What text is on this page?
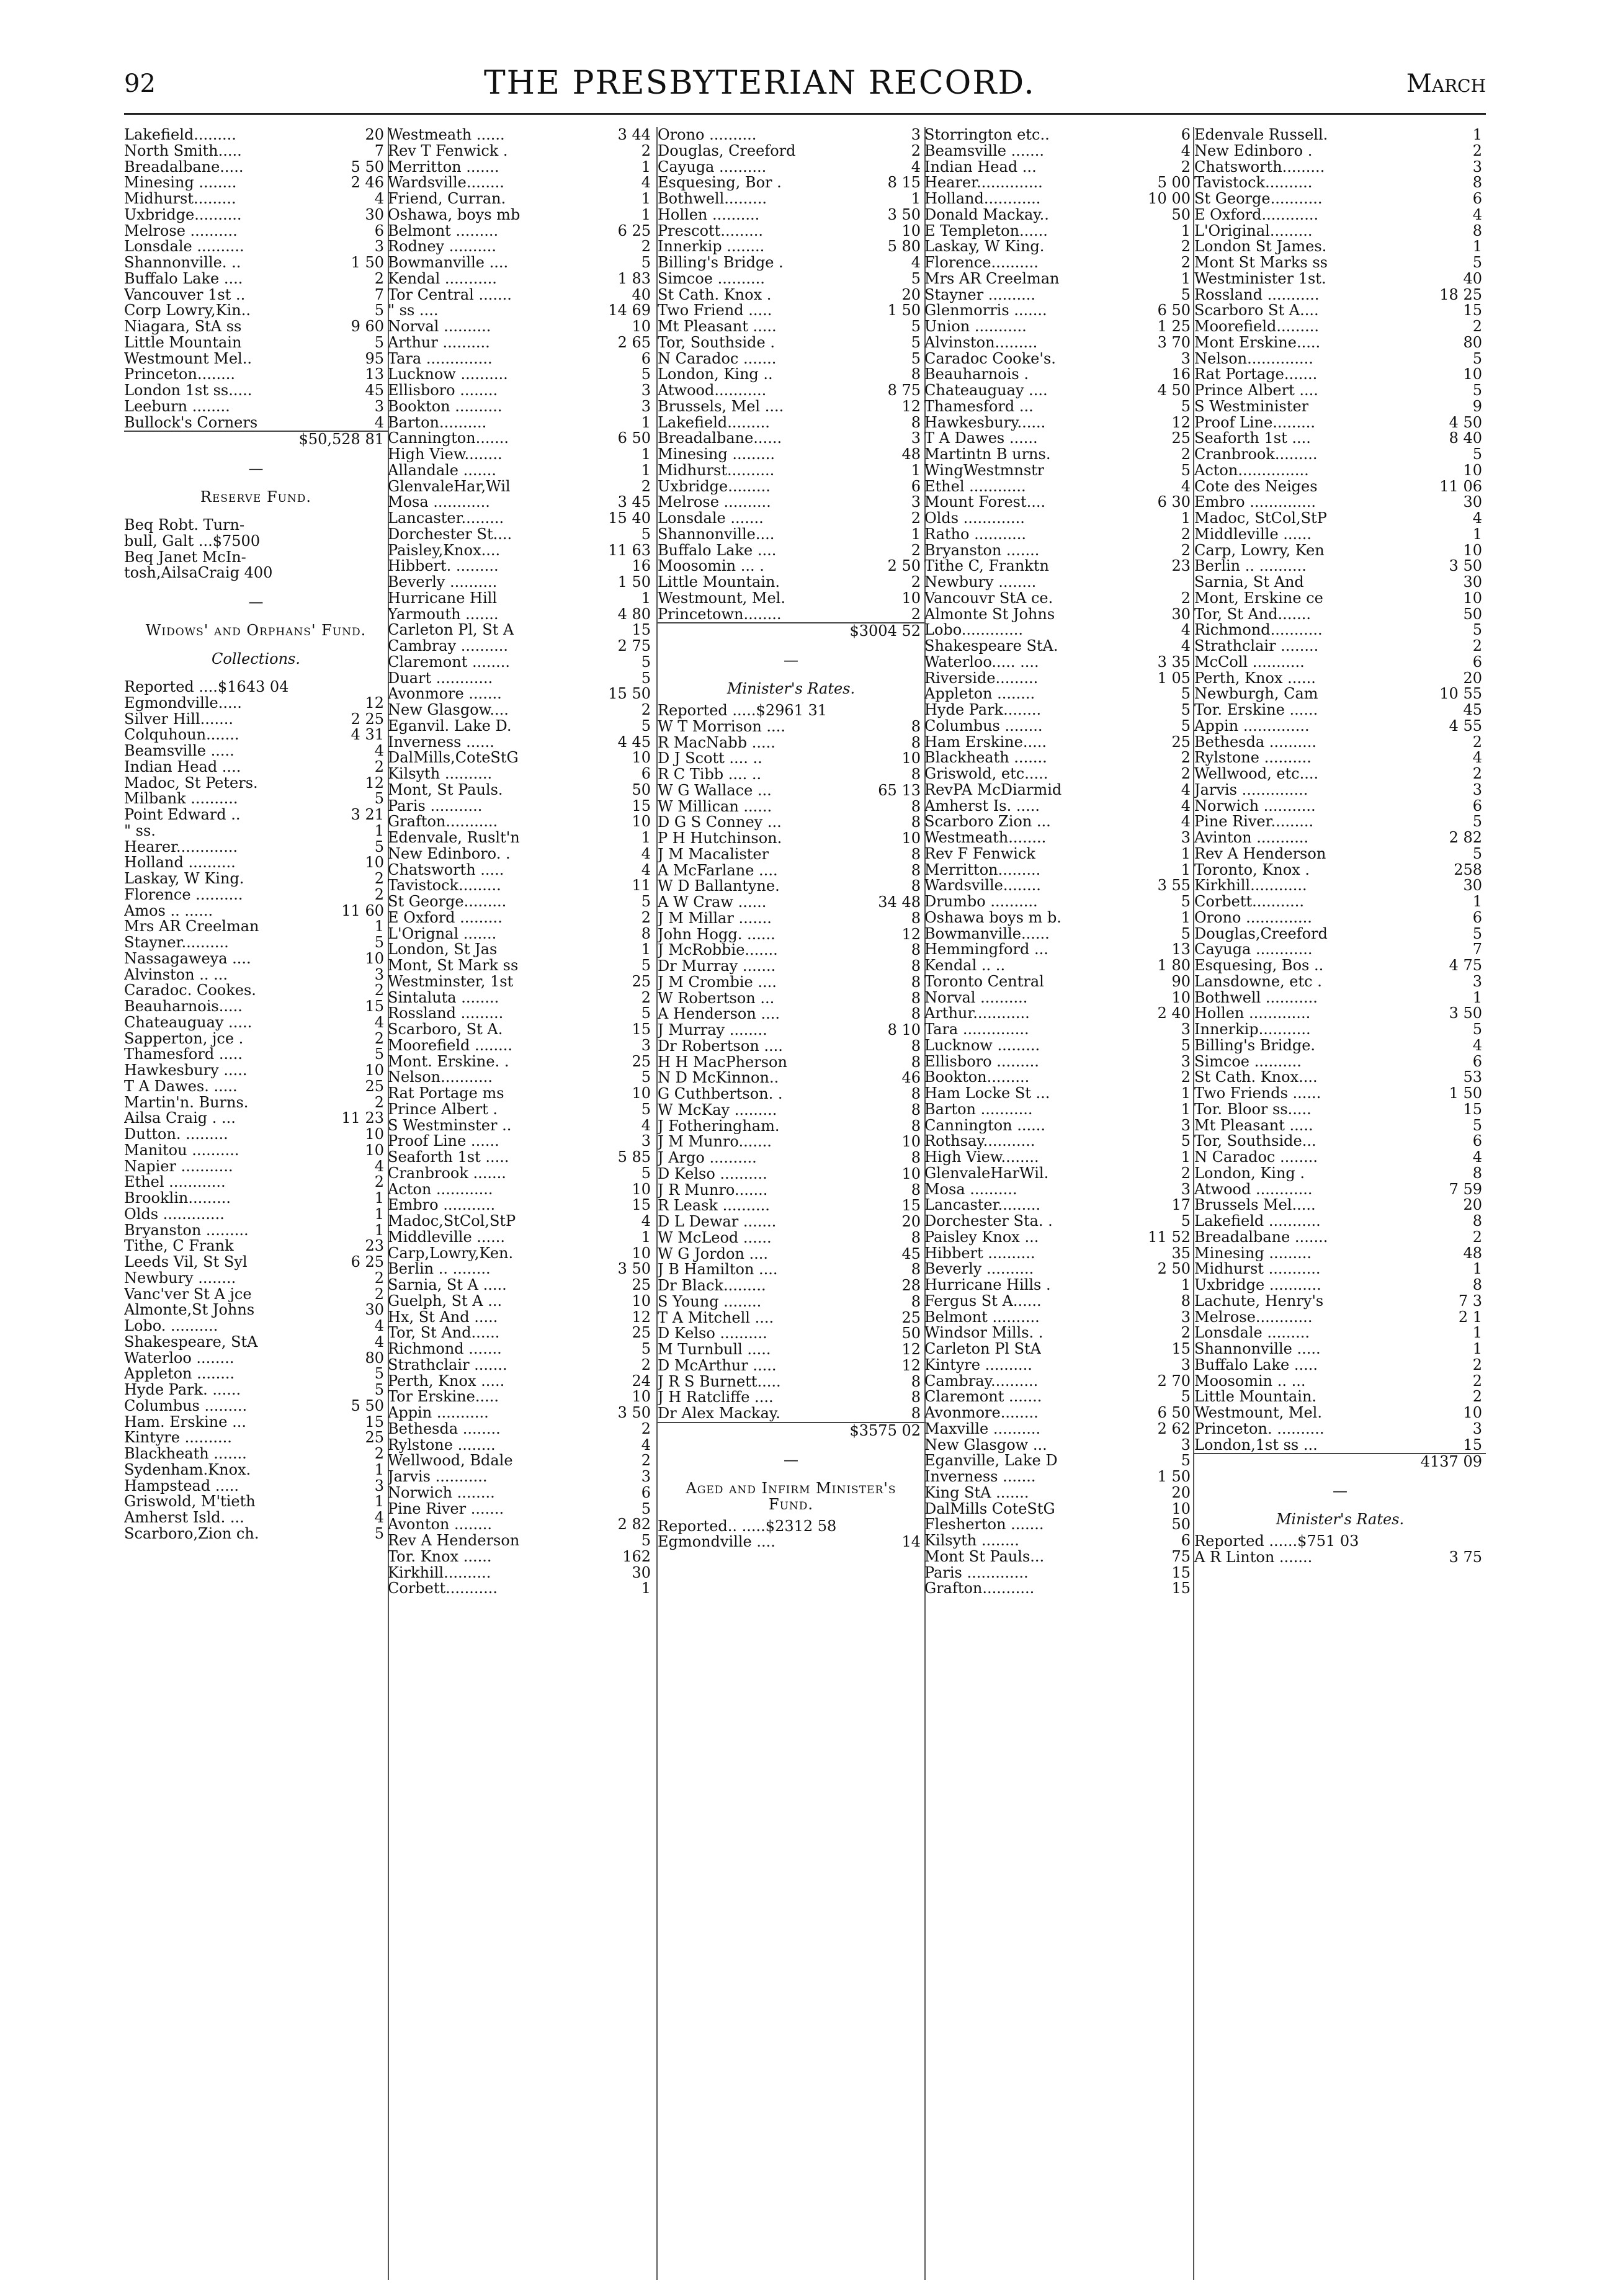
92	THE PRESBYTERIAN RECORD.	March
Lakefield.........	20
North Smith.....	7
Breadalbane.....	5 50
Minesing ........	2 46
Midhurst.........	4
Uxbridge..........	30
Melrose ..........	6
Lonsdale ..........	3
Shannonville. ..	1 50
Buffalo Lake ....	2
Vancouver 1st ..	7
Corp Lowry,Kin..	5
Niagara, StA ss	9 60
Little Mountain	5
Westmount Mel..	95
Princeton........	13
London 1st ss.....	45
Leeburn ........	3
Bullock's Corners	4
$50,528 81
—
Reserve Fund.
Beq Robt. Turn-
bull, Galt ...$7500
Beq Janet McIn-
tosh,AilsaCraig 400
—
Widows' and Orphans' Fund.
Collections.
Reported ....$1643 04
Egmondville.....	12
Silver Hill.......	2 25
Colquhoun.......	4 31
Beamsville .....	4
Indian Head ....	2
Madoc, St Peters.	12
Milbank ..........	5
Point Edward ..	3 21
" ss.	1
Hearer.............	5
Holland ..........	10
Laskay, W King.	2
Florence ..........	2
Amos .. ......	11 60
Mrs AR Creelman	1
Stayner..........	5
Nassagaweya ....	10
Alvinston .. ...	3
Caradoc. Cookes.	2
Beauharnois.....	15
Chateauguay .....	4
Sapperton, jce .	2
Thamesford .....	5
Hawkesbury .....	10
T A Dawes. .....	25
Martin'n. Burns.	2
Ailsa Craig . ...	11 23
Dutton. .........	10
Manitou ..........	10
Napier ...........	4
Ethel ............	2
Brooklin.........	1
Olds .............	1
Bryanston .........	1
Tithe, C Frank	23
Leeds Vil, St Syl	6 25
Newbury ........	2
Vanc'ver St A jce	2
Almonte,St Johns	30
Lobo. ..........	4
Shakespeare, StA	4
Waterloo ........	80
Appleton ........	5
Hyde Park. ......	5
Columbus .........	5 50
Ham. Erskine ...	15
Kintyre ..........	25
Blackheath .......	2
Sydenham.Knox.	1
Hampstead .....	3
Griswold, M'tieth	1
Amherst Isld. ...	4
Scarboro,Zion ch.	5
Westmeath ......	3 44
Rev T Fenwick .	2
Merritton .......	1
Wardsville........	4
Friend, Curran.	1
Oshawa, boys mb	1
Belmont .........	6 25
Rodney ..........	2
Bowmanville ....	5
Kendal ...........	1 83
Tor Central .......	40
" ss ....	14 69
Norval ..........	10
Arthur ..........	2 65
Tara ..............	6
Lucknow ..........	5
Ellisboro ........	3
Bookton ..........	3
Barton..........	1
Cannington.......	6 50
High View........	1
Allandale .......	1
GlenvaleHar,Wil	2
Mosa ............	3 45
Lancaster.........	15 40
Dorchester St....	5
Paisley,Knox....	11 63
Hibbert. .........	16
Beverly ..........	1 50
Hurricane Hill	1
Yarmouth .......	4 80
Carleton Pl, St A	15
Cambray ..........	2 75
Claremont ........	5
Duart ............	5
Avonmore .......	15 50
New Glasgow....	2
Eganvil. Lake D.	5
Inverness ......	4 45
DalMills,CoteStG	10
Kilsyth ..........	6
Mont, St Pauls.	50
Paris ...........	15
Grafton...........	10
Edenvale, Ruslt'n	1
New Edinboro. .	4
Chatsworth .....	4
Tavistock.........	11
St George.........	5
E Oxford .........	2
L'Orignal .......	8
London, St Jas	1
Mont, St Mark ss	5
Westminster, 1st	25
Sintaluta ........	2
Rossland .........	5
Scarboro, St A.	15
Moorefield ........	3
Mont. Erskine. .	25
Nelson...........	5
Rat Portage ms	10
Prince Albert .	5
S Westminster ..	4
Proof Line ......	3
Seaforth 1st .....	5 85
Cranbrook .......	5
Acton ............	10
Embro ...........	15
Madoc,StCol,StP	4
Middleville ......	1
Carp,Lowry,Ken.	10
Berlin .. ........	3 50
Sarnia, St A .....	25
Guelph, St A ...	10
Hx, St And .....	12
Tor, St And......	25
Richmond .......	5
Strathclair .......	2
Perth, Knox .....	24
Tor Erskine.....	10
Appin ...........	3 50
Bethesda ........	2
Rylstone ........	4
Wellwood, Bdale	2
Jarvis ...........	3
Norwich ........	6
Pine River .......	5
Avonton ........	2 82
Rev A Henderson	5
Tor. Knox ......	162
Kirkhill..........	30
Corbett...........	1
Orono ..........	3
Douglas, Creeford	2
Cayuga ..........	4
Esquesing, Bor .	8 15
Bothwell.........	1
Hollen ..........	3 50
Prescott.........	10
Innerkip ........	5 80
Billing's Bridge .	4
Simcoe ..........	5
St Cath. Knox .	20
Two Friend .....	1 50
Mt Pleasant .....	5
Tor, Southside .	5
N Caradoc .......	5
London, King ..	8
Atwood...........	8 75
Brussels, Mel ....	12
Lakefield.........	8
Breadalbane......	3
Minesing .........	48
Midhurst..........	1
Uxbridge.........	6
Melrose ..........	3
Lonsdale .......	2
Shannonville....	1
Buffalo Lake ....	2
Moosomin ... .	2 50
Little Mountain.	2
Westmount, Mel.	10
Princetown........	2
$3004 52
—
Minister's Rates.
Reported .....$2961 31
W T Morrison ....	8
R MacNabb .....	8
D J Scott .... ..	10
R C Tibb .... ..	8
W G Wallace ...	65 13
W Millican ......	8
D G S Conney ...	8
P H Hutchinson.	10
J M Macalister	8
A McFarlane ....	8
W D Ballantyne.	8
A W Craw ......	34 48
J M Millar .......	8
John Hogg. ......	12
J McRobbie.......	8
Dr Murray .......	8
J M Crombie ....	8
W Robertson ...	8
A Henderson ....	8
J Murray ........	8 10
Dr Robertson ....	8
H H MacPherson	8
N D McKinnon..	46
G Cuthbertson. .	8
W McKay .........	8
J Fotheringham.	8
J M Munro.......	10
J Argo ..........	8
D Kelso ..........	10
J R Munro.......	8
R Leask ..........	15
D L Dewar .......	20
W McLeod ......	8
W G Jordon ....	45
J B Hamilton ....	8
Dr Black.........	28
S Young ........	8
T A Mitchell ....	25
D Kelso ..........	50
M Turnbull .....	12
D McArthur .....	12
J R S Burnett.....	8
J H Ratcliffe ....	8
Dr Alex Mackay.	8
$3575 02
—
Aged and Infirm Minister's Fund.
Reported.. .....$2312 58
Egmondville ....	14
Storrington etc..	6
Beamsville .......	4
Indian Head ...	2
Hearer..............	5 00
Holland............	10 00
Donald Mackay..	50
E Templeton......	1
Laskay, W King.	2
Florence..........	2
Mrs AR Creelman	1
Stayner ..........	5
Glenmorris .......	6 50
Union ...........	1 25
Alvinston.........	3 70
Caradoc Cooke's.	3
Beauharnois .	16
Chateauguay ....	4 50
Thamesford ...	5
Hawkesbury......	12
T A Dawes ......	25
Martintn B urns.	2
WingWestmnstr	5
Ethel ............	4
Mount Forest....	6 30
Olds .............	1
Ratho ...........	2
Bryanston .......	2
Tithe C, Franktn	23
Newbury ........
Vancouvr StA ce.	2
Almonte St Johns	30
Lobo.............	4
Shakespeare StA.	4
Waterloo..... ....	3 35
Riverside.........	1 05
Appleton ........	5
Hyde Park........	5
Columbus ........	5
Ham Erskine.....	25
Blackheath .......	2
Griswold, etc.....	2
RevPA McDiarmid	4
Amherst Is. .....	4
Scarboro Zion ...	4
Westmeath........	3
Rev F Fenwick	1
Merritton.........	1
Wardsville........	3 55
Drumbo ..........	5
Oshawa boys m b.	1
Bowmanville......	5
Hemmingford ...	13
Kendal .. ..	1 80
Toronto Central	90
Norval ..........	10
Arthur............	2 40
Tara ..............	3
Lucknow .........	5
Ellisboro .........	3
Bookton.........	2
Ham Locke St ...	1
Barton ...........	1
Cannington ......	3
Rothsay...........	5
High View........	1
GlenvaleHarWil.	2
Mosa ..........	3
Lancaster.........	17
Dorchester Sta. .	5
Paisley Knox ...	11 52
Hibbert ..........	35
Beverly ..........	2 50
Hurricane Hills .	1
Fergus St A......	8
Belmont ..........	3
Windsor Mills. .	2
Carleton Pl StA	15
Kintyre ..........	3
Cambray..........	2 70
Claremont .......	5
Avonmore........	6 50
Maxville ..........	2 62
New Glasgow ...	3
Eganville, Lake D	5
Inverness .......	1 50
King StA .......	20
DalMills CoteStG	10
Flesherton .......	50
Kilsyth ........	6
Mont St Pauls...	75
Paris .............	15
Grafton...........	15
Edenvale Russell.	1
New Edinboro .	2
Chatsworth.........	3
Tavistock..........	8
St George...........	6
E Oxford............	4
L'Original.........	8
London St James.	1
Mont St Marks ss	5
Westminister 1st.	40
Rossland ...........	18 25
Scarboro St A....	15
Moorefield.........	2
Mont Erskine.....	80
Nelson..............	5
Rat Portage.......	10
Prince Albert ....	5
S Westminister	9
Proof Line.........	4 50
Seaforth 1st ....	8 40
Cranbrook.........	5
Acton...............	10
Cote des Neiges	11 06
Embro ..............	30
Madoc, StCol,StP	4
Middleville ......	1
Carp, Lowry, Ken	10
Berlin .. ..........	3 50
Sarnia, St And	30
Mont, Erskine ce	10
Tor, St And.......	50
Richmond...........	5
Strathclair ........	2
McColl ...........	6
Perth, Knox ......	20
Newburgh, Cam	10 55
Tor. Erskine ......	45
Appin ..............	4 55
Bethesda ..........	2
Rylstone ..........	4
Wellwood, etc....	2
Jarvis ..............	3
Norwich ...........	6
Pine River.........	5
Avinton ...........	2 82
Rev A Henderson	5
Toronto, Knox .	258
Kirkhill............	30
Corbett...........	1
Orono ..............	6
Douglas,Creeford	5
Cayuga ............	7
Esquesing, Bos ..	4 75
Lansdowne, etc .	3
Bothwell ...........	1
Hollen .............	3 50
Innerkip...........	5
Billing's Bridge.	4
Simcoe ..........	6
St Cath. Knox....	53
Two Friends ......	1 50
Tor. Bloor ss.....	15
Mt Pleasant .....	5
Tor, Southside...	6
N Caradoc ........	4
London, King .	8
Atwood ............	7 59
Brussels Mel.....	20
Lakefield ...........	8
Breadalbane .......	2
Minesing .........	48
Midhurst ...........	1
Uxbridge ...........	8
Lachute, Henry's	7 3
Melrose............	2 1
Lonsdale .........	1
Shannonville .....	1
Buffalo Lake .....	2
Moosomin .. ...	2
Little Mountain.	2
Westmount, Mel.	10
Princeton. ..........	3
London,1st ss ...	15
4137 09
—
Minister's Rates.
Reported ......$751 03
A R Linton .......	3 75
